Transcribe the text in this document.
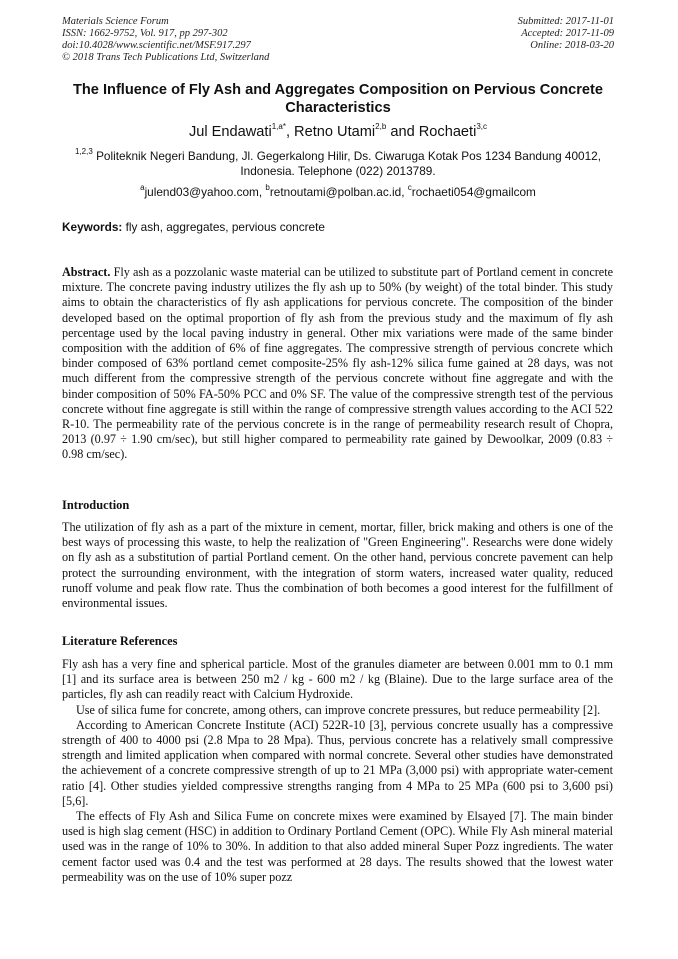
Materials Science Forum
ISSN: 1662-9752, Vol. 917, pp 297-302
doi:10.4028/www.scientific.net/MSF.917.297
© 2018 Trans Tech Publications Ltd, Switzerland
Submitted: 2017-11-01
Accepted: 2017-11-09
Online: 2018-03-20
The Influence of Fly Ash and Aggregates Composition on Pervious Concrete Characteristics
Jul Endawati$^{1,a*}$, Retno Utami$^{2,b}$ and Rochaeti$^{3,c}$
$^{1,2,3}$ Politeknik Negeri Bandung, Jl. Gegerkalong Hilir, Ds. Ciwaruga Kotak Pos 1234 Bandung 40012, Indonesia. Telephone (022) 2013789.
$^a$julend03@yahoo.com, $^b$retnoutami@polban.ac.id, $^c$rochaeti054@gmailcom
Keywords: fly ash, aggregates, pervious concrete

Abstract. Fly ash as a pozzolanic waste material can be utilized to substitute part of Portland cement in concrete mixture. The concrete paving industry utilizes the fly ash up to 50% (by weight) of the total binder. This study aims to obtain the characteristics of fly ash applications for pervious concrete. The composition of the binder developed based on the optimal proportion of fly ash from the previous study and the maximum of fly ash percentage used by the local paving industry in general. Other mix variations were made of the same binder composition with the addition of 6% of fine aggregates. The compressive strength of pervious concrete which binder composed of 63% portland cemet composite-25% fly ash-12% silica fume gained at 28 days, was not much different from the compressive strength of the pervious concrete without fine aggregate and with the binder composition of 50% FA-50% PCC and 0% SF. The value of the compressive strength test of the pervious concrete without fine aggregate is still within the range of compressive strength values according to the ACI 522 R-10. The permeability rate of the pervious concrete is in the range of permeability research result of Chopra, 2013 (0.97 ÷ 1.90 cm/sec), but still higher compared to permeability rate gained by Dewoolkar, 2009 (0.83 ÷ 0.98 cm/sec).

Introduction

The utilization of fly ash as a part of the mixture in cement, mortar, filler, brick making and others is one of the best ways of processing this waste, to help the realization of "Green Engineering". Researchs were done widely on fly ash as a substitution of partial Portland cement. On the other hand, pervious concrete pavement can help protect the surrounding environment, with the integration of storm waters, increased water quality, reduced runoff volume and peak flow rate. Thus the combination of both becomes a good interest for the fulfillment of environmental issues.

Literature References

Fly ash has a very fine and spherical particle. Most of the granules diameter are between 0.001 mm to 0.1 mm [1] and its surface area is between 250 m2 / kg - 600 m2 / kg (Blaine). Due to the large surface area of the particles, fly ash can readily react with Calcium Hydroxide.

Use of silica fume for concrete, among others, can improve concrete pressures, but reduce permeability [2].

According to American Concrete Institute (ACI) 522R-10 [3], pervious concrete usually has a compressive strength of 400 to 4000 psi (2.8 Mpa to 28 Mpa). Thus, pervious concrete has a relatively small compressive strength and limited application when compared with normal concrete. Several other studies have demonstrated the achievement of a concrete compressive strength of up to 21 MPa (3,000 psi) with appropriate water-cement ratio [4]. Other studies yielded compressive strengths ranging from 4 MPa to 25 MPa (600 psi to 3,600 psi) [5,6].

The effects of Fly Ash and Silica Fume on concrete mixes were examined by Elsayed [7]. The main binder used is high slag cement (HSC) in addition to Ordinary Portland Cement (OPC). While Fly Ash mineral material used was in the range of 10% to 30%. In addition to that also added mineral Super Pozz ingredients. The water cement factor used was 0.4 and the test was performed at 28 days. The results showed that the lowest water permeability was on the use of 10% super pozz
